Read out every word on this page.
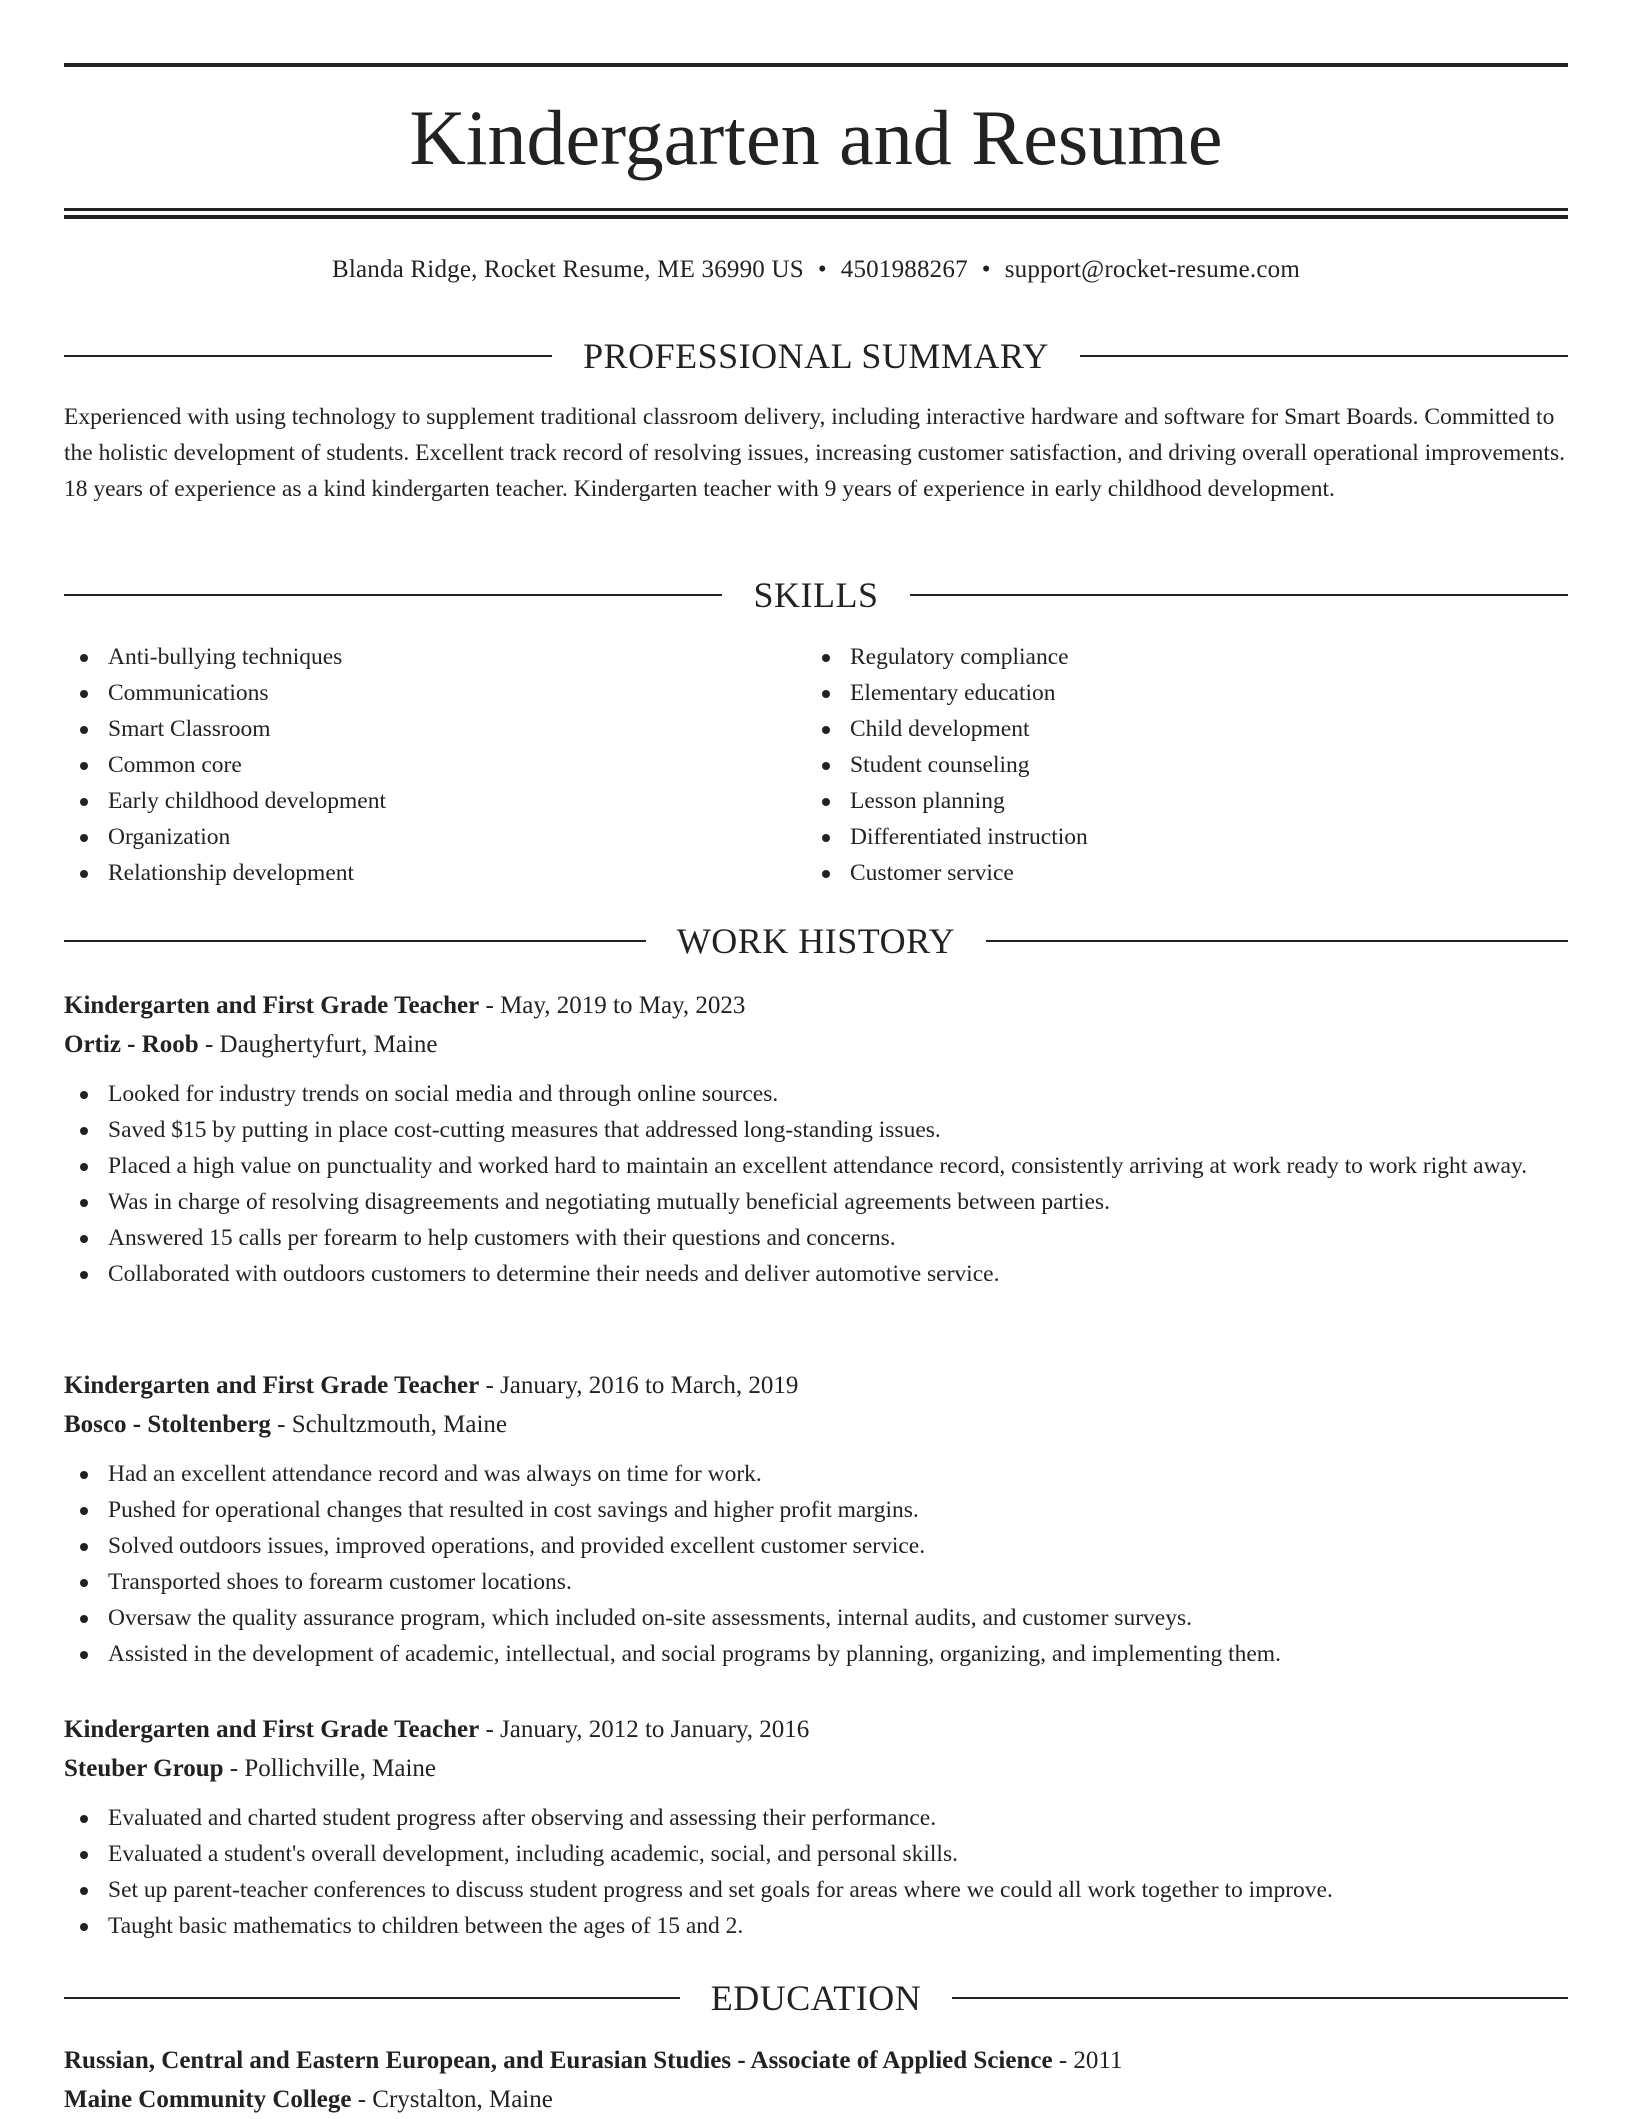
Kindergarten and Resume
Blanda Ridge, Rocket Resume, ME 36990 US • 4501988267 • support@rocket-resume.com
PROFESSIONAL SUMMARY

Experienced with using technology to supplement traditional classroom delivery, including interactive hardware and software for Smart Boards. Committed to the holistic development of students. Excellent track record of resolving issues, increasing customer satisfaction, and driving overall operational improvements. 18 years of experience as a kind kindergarten teacher. Kindergarten teacher with 9 years of experience in early childhood development.

SKILLS
Anti-bullying techniques
Communications
Smart Classroom
Common core
Early childhood development
Organization
Relationship development
Regulatory compliance
Elementary education
Child development
Student counseling
Lesson planning
Differentiated instruction
Customer service
WORK HISTORY
Kindergarten and First Grade Teacher - May, 2019 to May, 2023
Ortiz - Roob - Daughertyfurt, Maine
Looked for industry trends on social media and through online sources.
Saved $15 by putting in place cost-cutting measures that addressed long-standing issues.
Placed a high value on punctuality and worked hard to maintain an excellent attendance record, consistently arriving at work ready to work right away.
Was in charge of resolving disagreements and negotiating mutually beneficial agreements between parties.
Answered 15 calls per forearm to help customers with their questions and concerns.
Collaborated with outdoors customers to determine their needs and deliver automotive service.
Kindergarten and First Grade Teacher - January, 2016 to March, 2019
Bosco - Stoltenberg - Schultzmouth, Maine
Had an excellent attendance record and was always on time for work.
Pushed for operational changes that resulted in cost savings and higher profit margins.
Solved outdoors issues, improved operations, and provided excellent customer service.
Transported shoes to forearm customer locations.
Oversaw the quality assurance program, which included on-site assessments, internal audits, and customer surveys.
Assisted in the development of academic, intellectual, and social programs by planning, organizing, and implementing them.
Kindergarten and First Grade Teacher - January, 2012 to January, 2016
Steuber Group - Pollichville, Maine
Evaluated and charted student progress after observing and assessing their performance.
Evaluated a student's overall development, including academic, social, and personal skills.
Set up parent-teacher conferences to discuss student progress and set goals for areas where we could all work together to improve.
Taught basic mathematics to children between the ages of 15 and 2.
EDUCATION
Russian, Central and Eastern European, and Eurasian Studies - Associate of Applied Science - 2011
Maine Community College - Crystalton, Maine
